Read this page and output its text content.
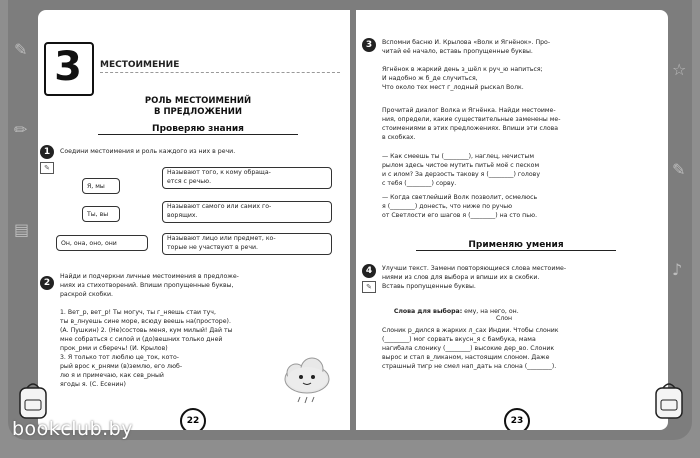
3 МЕСТОИМЕНИЕ
РОЛЬ МЕСТОИМЕНИЙ
В ПРЕДЛОЖЕНИИ
Проверяю знания
1
✎
Соедини местоимения и роль каждого из них в речи.
Я, мы
Ты, вы
Он, она, оно, они
Называют того, к кому обраща-
ется с речью.
Называют самого или самих го-
ворящих.
Называют лицо или предмет, ко-
торые не участвуют в речи.
2
Найди и подчеркни личные местоимения в предложе-
ниях из стихотворений. Впиши пропущенные буквы,
раскрой скобки.
1. Вет_р, вет_р! Ты могуч, ты г_няешь стаи туч,
ты в_лнуешь сине море, всюду веешь на(просторе).
(А. Пушкин) 2. (Не)состовь меня, кум милый! Дай ты
мне собраться с силой и (до)вешних только дней
прок_рми и сберечь! (И. Крылов)
3. Я только тот люблю це_ток, кото-
рый врос к_рнями (в)землю, его люб-
лю я и примечаю, как сев_рный
ягоды я. (С. Есенин)
22
3	Вспомни басню И. Крылова «Волк и Ягнёнок». Про-
читай её начало, вставь пропущенные буквы.
Ягнёнок в жаркий день з_шёл к руч_ю напиться;
И надобно ж б_де случиться,
Что около тех мест г_лодный рыскал Волк.
Прочитай диалог Волка и Ягнёнка. Найди местоиме-
ния, определи, какие существительные заменены ме-
стоимениями в этих предложениях. Впиши эти слова
в скобках.
— Как смеешь ты (________), наглец, нечистым
рылом здесь чистое мутить питьё моё с песком
и с илом? За дерзость такову я (________) голову
с тебя (________) сорву.
— Когда светлейший Волк позволит, осмелюсь
я (________) донесть, что ниже по ручью
от Светлости его шагов я (________) на сто пью.
Применяю умения
4
✎
Улучши текст. Замени повторяющиеся слова местоиме-
ниями из слов для выбора и впиши их в скобки.
Вставь пропущенные буквы.

Слова для выбора: ему, на него, он.

Слон
Слоник р_дился в жарких л_сах Индии. Чтобы слоник
(________) мог сорвать вкусн_я с бамбука, мама
нагибала слонику (________) высокие дер_во. Слоник
вырос и стал в_ликаном, настоящим слоном. Даже
страшный тигр не смел нап_дать на слона (________).
23
✎
✏
▤
☆
✎
♪
bookclub.by
